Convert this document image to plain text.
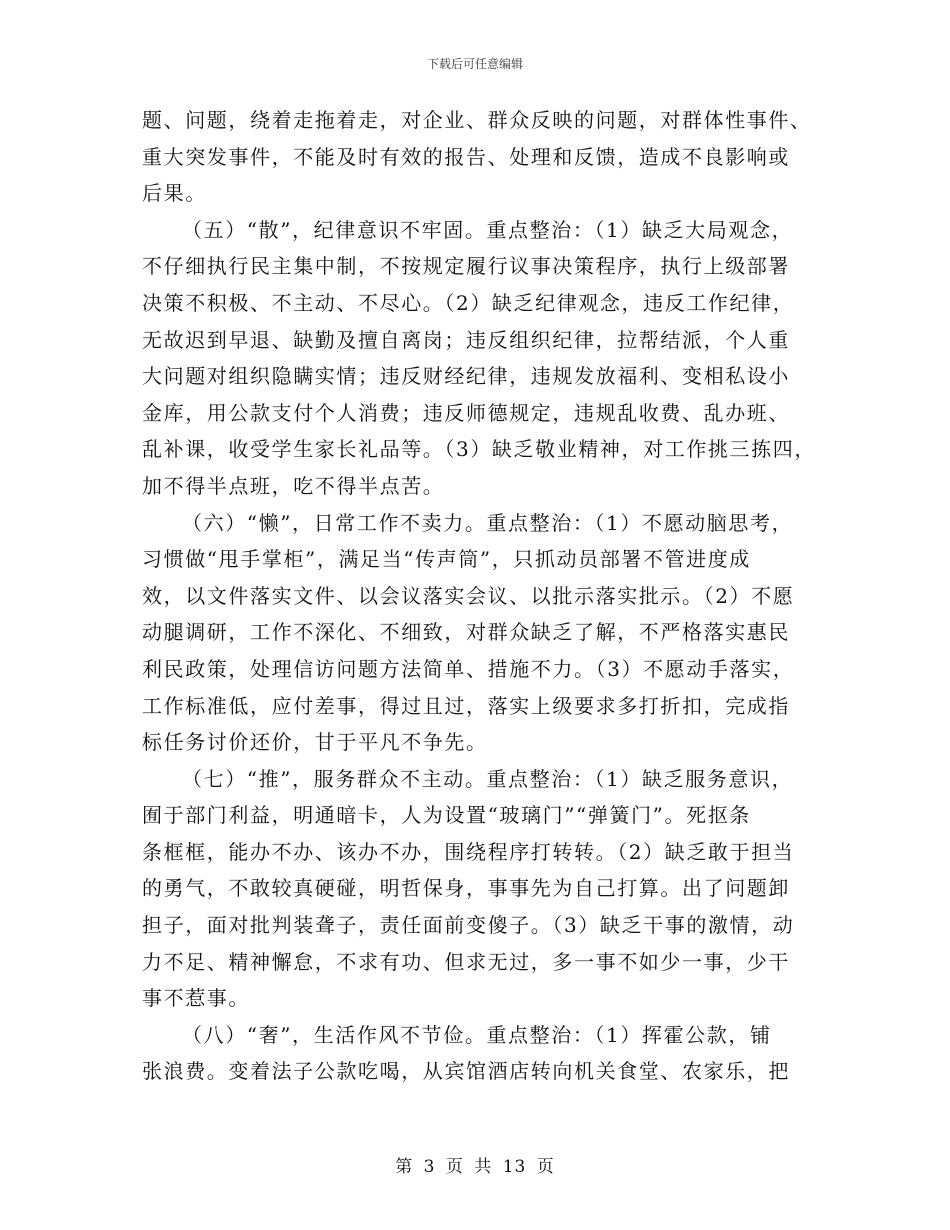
下载后可任意编辑
题、问题，绕着走拖着走，对企业、群众反映的问题，对群体性事件、
重大突发事件，不能及时有效的报告、处理和反馈，造成不良影响或
后果。
（五）“散”，纪律意识不牢固。重点整治：（1）缺乏大局观念，
不仔细执行民主集中制，不按规定履行议事决策程序，执行上级部署
决策不积极、不主动、不尽心。（2）缺乏纪律观念，违反工作纪律，
无故迟到早退、缺勤及擅自离岗；违反组织纪律，拉帮结派，个人重
大问题对组织隐瞒实情；违反财经纪律，违规发放福利、变相私设小
金库，用公款支付个人消费；违反师德规定，违规乱收费、乱办班、
乱补课，收受学生家长礼品等。（3）缺乏敬业精神，对工作挑三拣四，
加不得半点班，吃不得半点苦。
（六）“懒”，日常工作不卖力。重点整治：（1）不愿动脑思考，
习惯做“甩手掌柜”，满足当“传声筒”，只抓动员部署不管进度成
效，以文件落实文件、以会议落实会议、以批示落实批示。（2）不愿
动腿调研，工作不深化、不细致，对群众缺乏了解，不严格落实惠民
利民政策，处理信访问题方法简单、措施不力。（3）不愿动手落实，
工作标准低，应付差事，得过且过，落实上级要求多打折扣，完成指
标任务讨价还价，甘于平凡不争先。
（七）“推”，服务群众不主动。重点整治：（1）缺乏服务意识，
囿于部门利益，明通暗卡，人为设置“玻璃门”“弹簧门”。死抠条
条框框，能办不办、该办不办，围绕程序打转转。（2）缺乏敢于担当
的勇气，不敢较真硬碰，明哲保身，事事先为自己打算。出了问题卸
担子，面对批判装聋子，责任面前变傻子。（3）缺乏干事的激情，动
力不足、精神懈怠，不求有功、但求无过，多一事不如少一事，少干
事不惹事。
（八）“奢”，生活作风不节俭。重点整治：（1）挥霍公款，铺
张浪费。变着法子公款吃喝，从宾馆酒店转向机关食堂、农家乐，把
第 3 页 共 13 页
